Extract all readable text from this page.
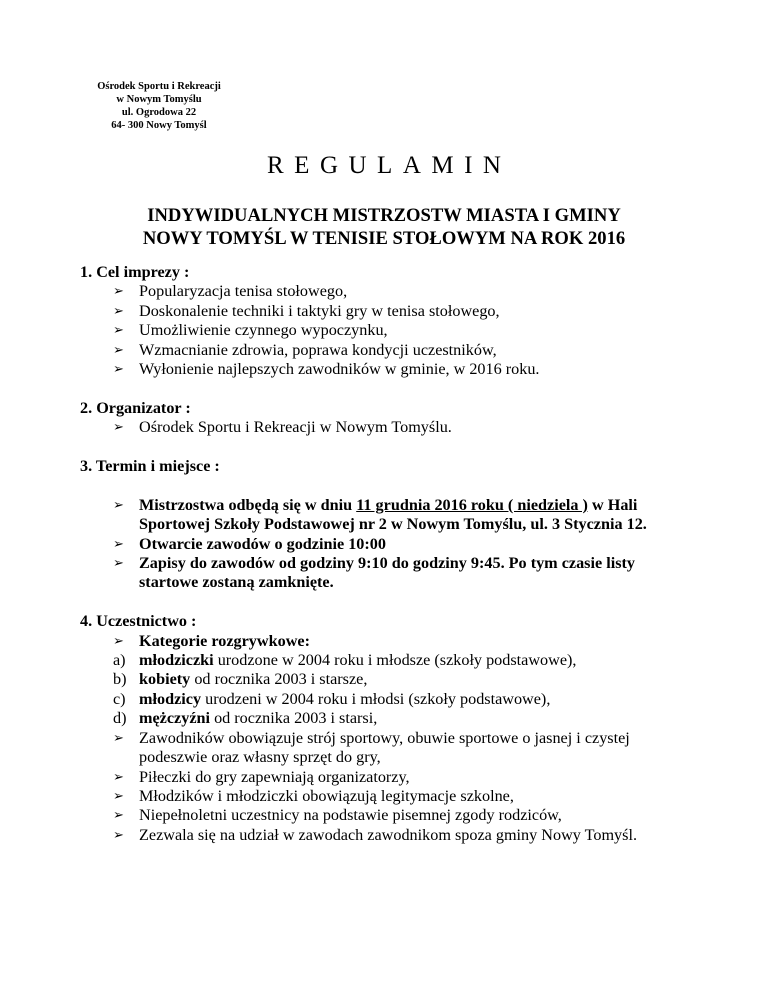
Ośrodek Sportu i Rekreacji
w Nowym Tomyślu
ul. Ogrodowa 22
64- 300 Nowy Tomyśl
REGULAMIN
INDYWIDUALNYCH MISTRZOSTW MIASTA I GMINY
NOWY TOMYŚL W TENISIE STOŁOWYM NA ROK 2016
1. Cel imprezy :
➢ Popularyzacja tenisa stołowego,
➢ Doskonalenie techniki i taktyki gry w tenisa stołowego,
➢ Umożliwienie czynnego wypoczynku,
➢ Wzmacnianie zdrowia, poprawa kondycji uczestników,
➢ Wyłonienie najlepszych zawodników w gminie, w 2016 roku.
2. Organizator :
➢ Ośrodek Sportu i Rekreacji w Nowym Tomyślu.
3. Termin i miejsce :
➢ Mistrzostwa odbędą się w dniu 11 grudnia 2016 roku ( niedziela ) w Hali Sportowej Szkoły Podstawowej nr 2 w Nowym Tomyślu, ul. 3 Stycznia 12.
➢ Otwarcie zawodów o godzinie 10:00
➢ Zapisy do zawodów od godziny 9:10 do godziny 9:45. Po tym czasie listy startowe zostaną zamknięte.
4. Uczestnictwo :
➢ Kategorie rozgrywkowe:
a) młodziczki urodzone w 2004 roku i młodsze (szkoły podstawowe),
b) kobiety od rocznika 2003 i starsze,
c) młodzicy urodzeni w 2004 roku i młodsi (szkoły podstawowe),
d) mężczyźni od rocznika 2003 i starsi,
➢ Zawodników obowiązuje strój sportowy, obuwie sportowe o jasnej i czystej podeszwie oraz własny sprzęt do gry,
➢ Piłeczki do gry zapewniają organizatorzy,
➢ Młodzików i młodziczki obowiązują legitymacje szkolne,
➢ Niepełnoletni uczestnicy na podstawie pisemnej zgody rodziców,
➢ Zezwala się na udział w zawodach zawodnikom spoza gminy Nowy Tomyśl.
